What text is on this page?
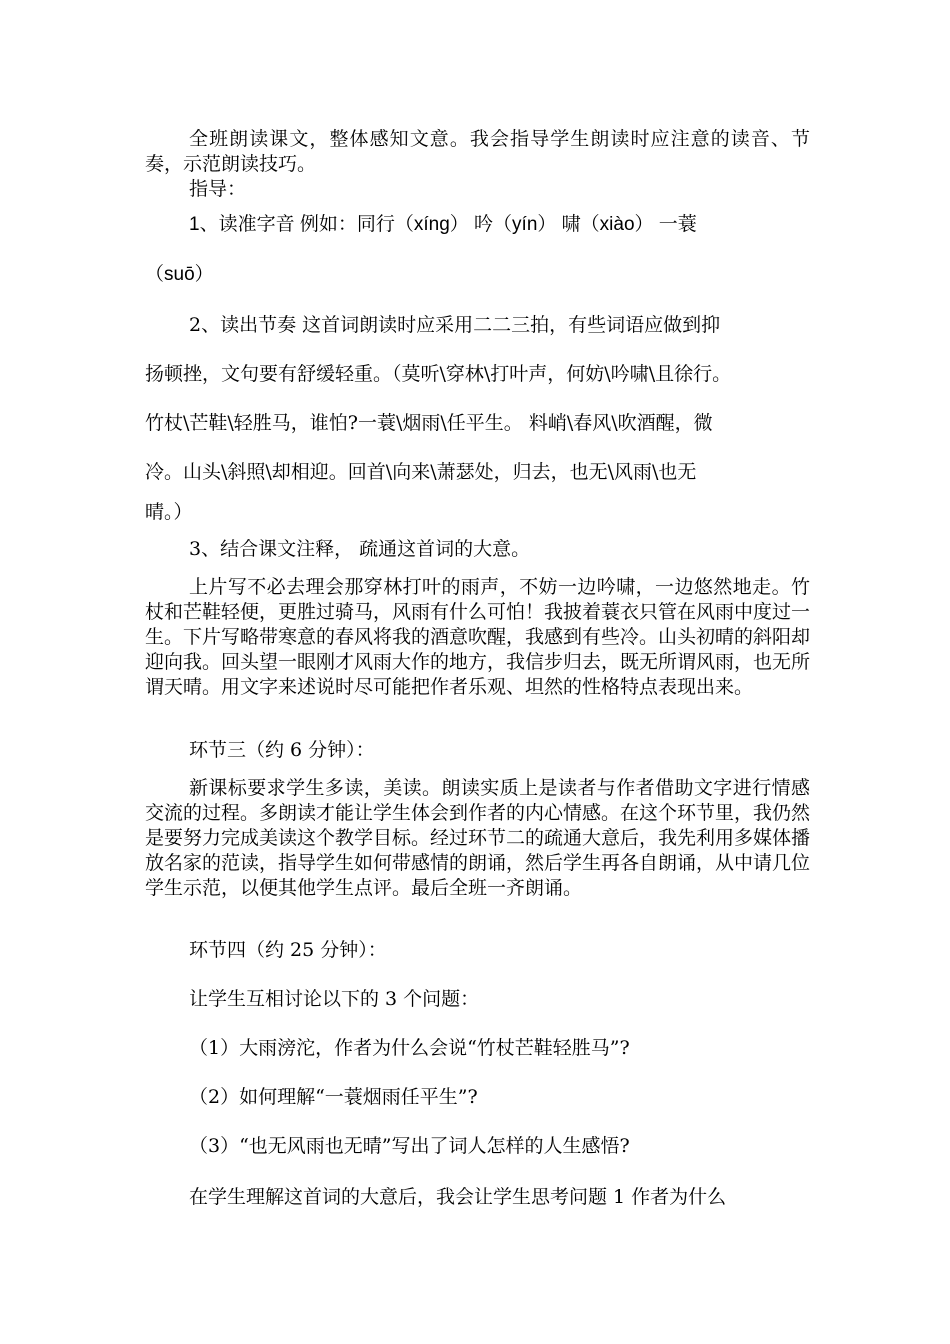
全班朗读课文，整体感知文意。我会指导学生朗读时应注意的读音、节奏，示范朗读技巧。

指导：

1、读准字音 例如：同行（xíng） 吟（yín） 啸（xiào） 一蓑

（suō）

2、读出节奏 这首词朗读时应采用二二三拍，有些词语应做到抑

扬顿挫，文句要有舒缓轻重。（莫听\穿林\打叶声，何妨\吟啸\且徐行。

竹杖\芒鞋\轻胜马，谁怕?一蓑\烟雨\任平生。 料峭\春风\吹酒醒，微

冷。山头\斜照\却相迎。回首\向来\萧瑟处，归去，也无\风雨\也无

晴。）

3、结合课文注释， 疏通这首词的大意。

上片写不必去理会那穿林打叶的雨声，不妨一边吟啸，一边悠然地走。竹杖和芒鞋轻便，更胜过骑马，风雨有什么可怕！我披着蓑衣只管在风雨中度过一生。下片写略带寒意的春风将我的酒意吹醒，我感到有些冷。山头初晴的斜阳却迎向我。回头望一眼刚才风雨大作的地方，我信步归去，既无所谓风雨，也无所谓天晴。用文字来述说时尽可能把作者乐观、坦然的性格特点表现出来。

环节三（约 6 分钟）：

新课标要求学生多读，美读。朗读实质上是读者与作者借助文字进行情感交流的过程。多朗读才能让学生体会到作者的内心情感。在这个环节里，我仍然是要努力完成美读这个教学目标。经过环节二的疏通大意后，我先利用多媒体播放名家的范读，指导学生如何带感情的朗诵，然后学生再各自朗诵，从中请几位学生示范，以便其他学生点评。最后全班一齐朗诵。

环节四（约 25 分钟）：

让学生互相讨论以下的 3 个问题：

（1）大雨滂沱，作者为什么会说“竹杖芒鞋轻胜马”?

（2）如何理解“一蓑烟雨任平生”?

（3）“也无风雨也无晴”写出了词人怎样的人生感悟?

在学生理解这首词的大意后，我会让学生思考问题 1 作者为什么
